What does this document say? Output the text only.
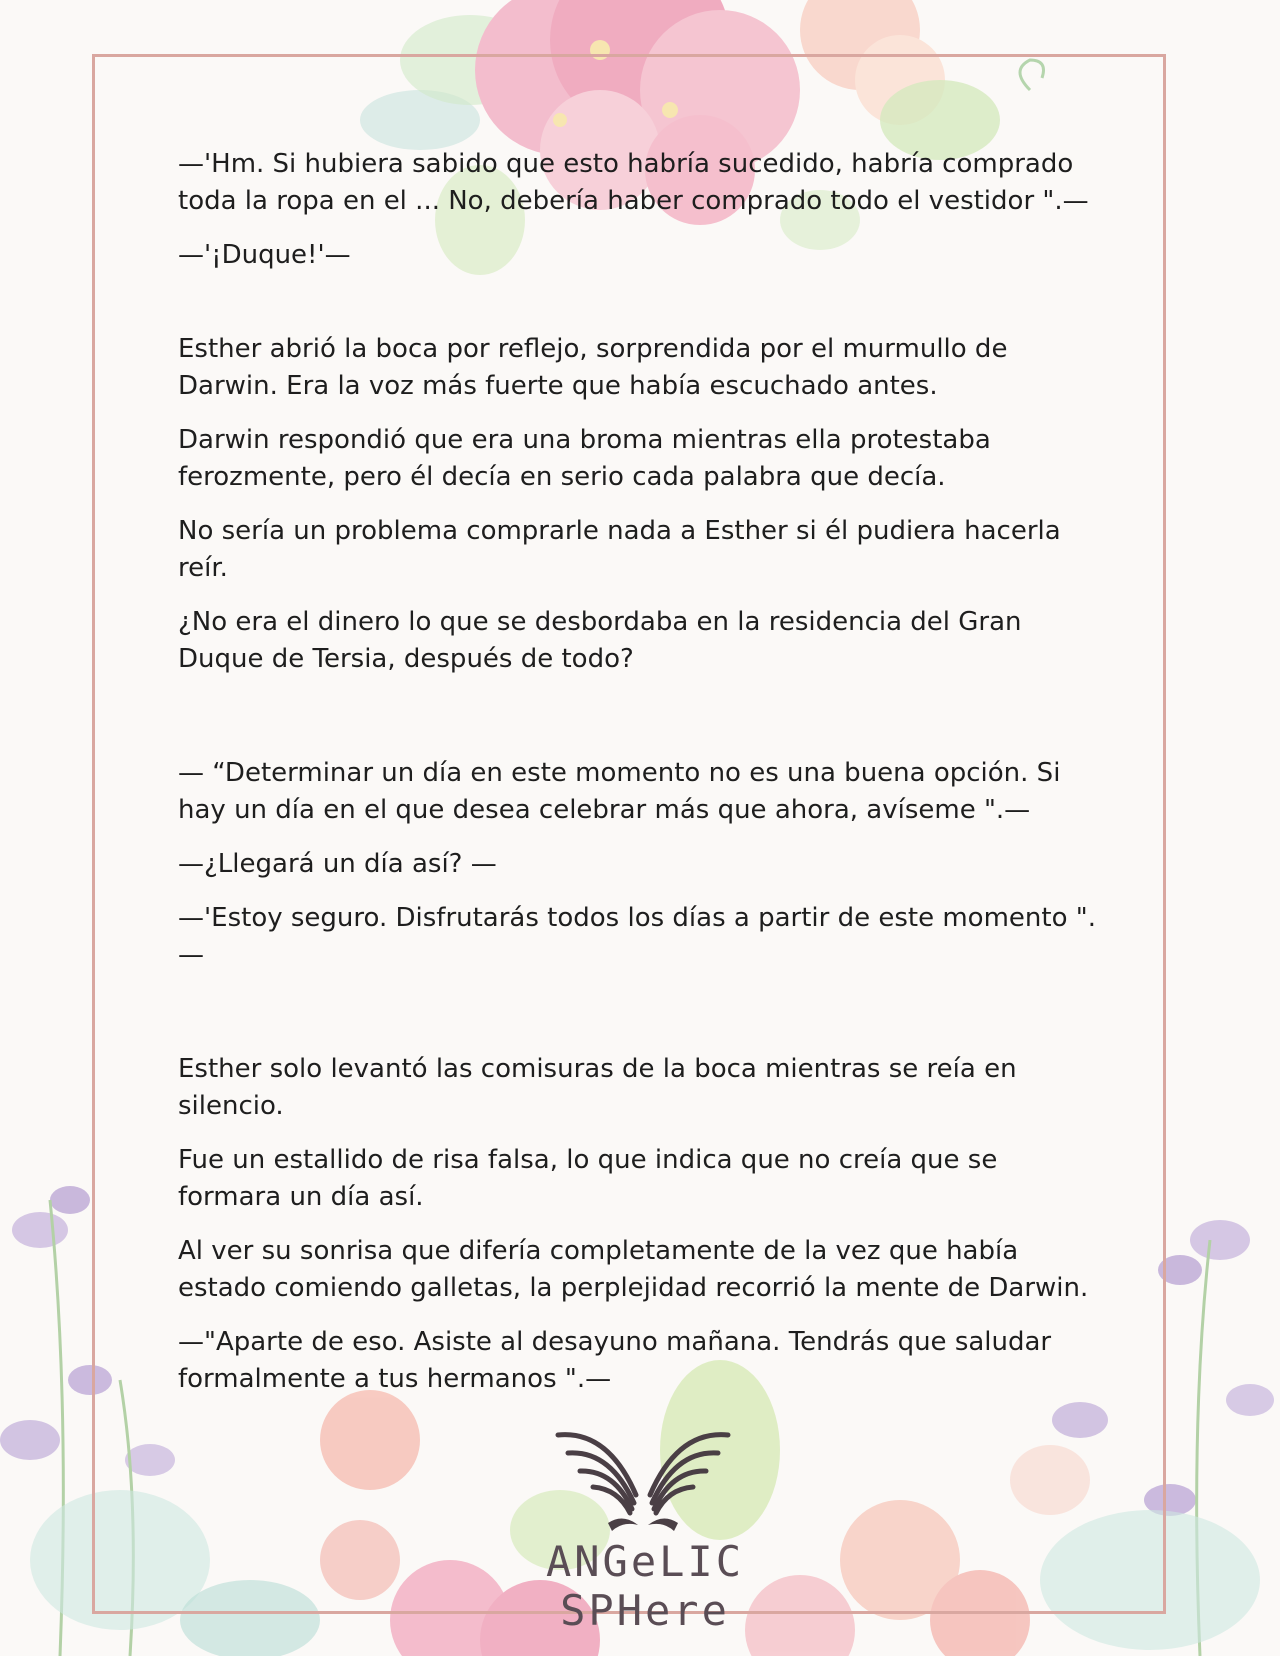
—'Hm. Si hubiera sabido que esto habría sucedido, habría comprado toda la ropa en el ... No, debería haber comprado todo el vestidor ".—

—'¡Duque!'—

Esther abrió la boca por reflejo, sorprendida por el murmullo de Darwin. Era la voz más fuerte que había escuchado antes.

Darwin respondió que era una broma mientras ella protestaba ferozmente, pero él decía en serio cada palabra que decía.

No sería un problema comprarle nada a Esther si él pudiera hacerla reír.

¿No era el dinero lo que se desbordaba en la residencia del Gran Duque de Tersia, después de todo?

— “Determinar un día en este momento no es una buena opción. Si hay un día en el que desea celebrar más que ahora, avíseme ".—

—¿Llegará un día así? —

—'Estoy seguro. Disfrutarás todos los días a partir de este momento ".—

Esther solo levantó las comisuras de la boca mientras se reía en silencio.

Fue un estallido de risa falsa, lo que indica que no creía que se formara un día así.

Al ver su sonrisa que difería completamente de la vez que había estado comiendo galletas, la perplejidad recorrió la mente de Darwin.

—"Aparte de eso. Asiste al desayuno mañana. Tendrás que saludar formalmente a tus hermanos ".—

ANGeLIC SPHere
